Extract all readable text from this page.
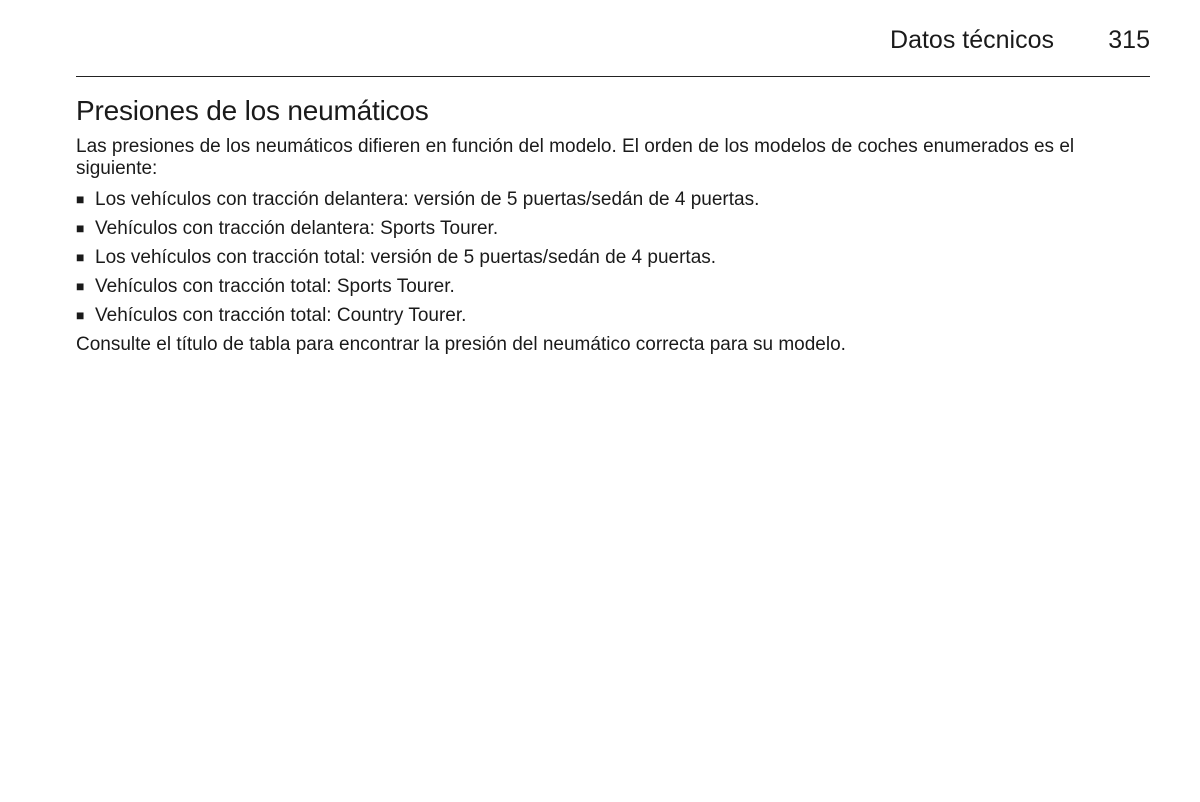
Datos técnicos 315
Presiones de los neumáticos

Las presiones de los neumáticos difieren en función del modelo. El orden de los modelos de coches enumerados es el siguiente:

■ Los vehículos con tracción delantera: versión de 5 puertas/sedán de 4 puertas.
■ Vehículos con tracción delantera: Sports Tourer.
■ Los vehículos con tracción total: versión de 5 puertas/sedán de 4 puertas.
■ Vehículos con tracción total: Sports Tourer.
■ Vehículos con tracción total: Country Tourer.

Consulte el título de tabla para encontrar la presión del neumático correcta para su modelo.
